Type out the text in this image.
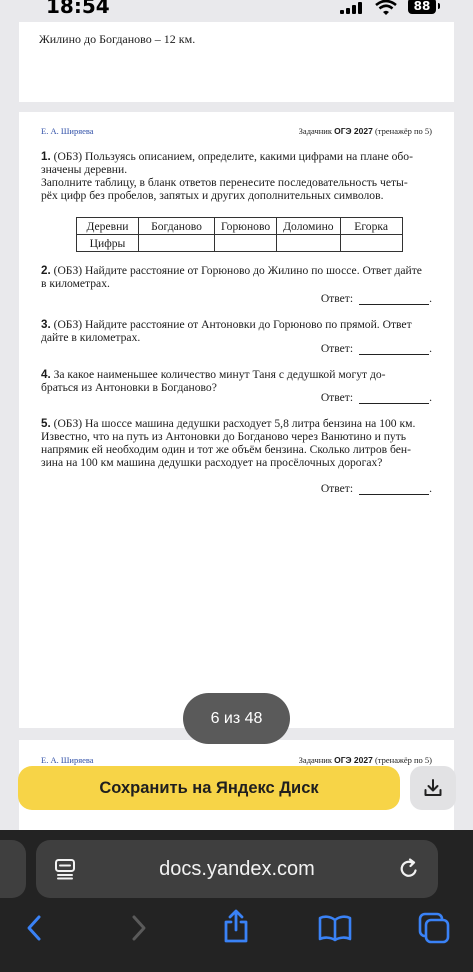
18:54	88
Жилино до Богданово – 12 км.
Е. А. Ширяева	Задачник ОГЭ 2027 (тренажёр по 5)
1. (ОБЗ) Пользуясь описанием, определите, какими цифрами на плане обо-
значены деревни.
Заполните таблицу, в бланк ответов перенесите последовательность четы-
рёх цифр без пробелов, запятых и других дополнительных символов.
Деревни	Богданово	Горюново	Доломино	Егорка
Цифры				
2. (ОБЗ) Найдите расстояние от Горюново до Жилино по шоссе. Ответ дайте
в километрах.
Ответ:	.
3. (ОБЗ) Найдите расстояние от Антоновки до Горюново по прямой. Ответ
дайте в километрах.
Ответ:	.
4. За какое наименьшее количество минут Таня с дедушкой могут до-
браться из Антоновки в Богданово?
Ответ:	.
5. (ОБЗ) На шоссе машина дедушки расходует 5,8 литра бензина на 100 км.
Известно, что на путь из Антоновки до Богданово через Ванютино и путь
напрямик ей необходим один и тот же объём бензина. Сколько литров бен-
зина на 100 км машина дедушки расходует на просёлочных дорогах?
Ответ:	.
Е. А. Ширяева	Задачник ОГЭ 2027 (тренажёр по 5)
6 из 48
Сохранить на Яндекс Диск
docs.yandex.com
